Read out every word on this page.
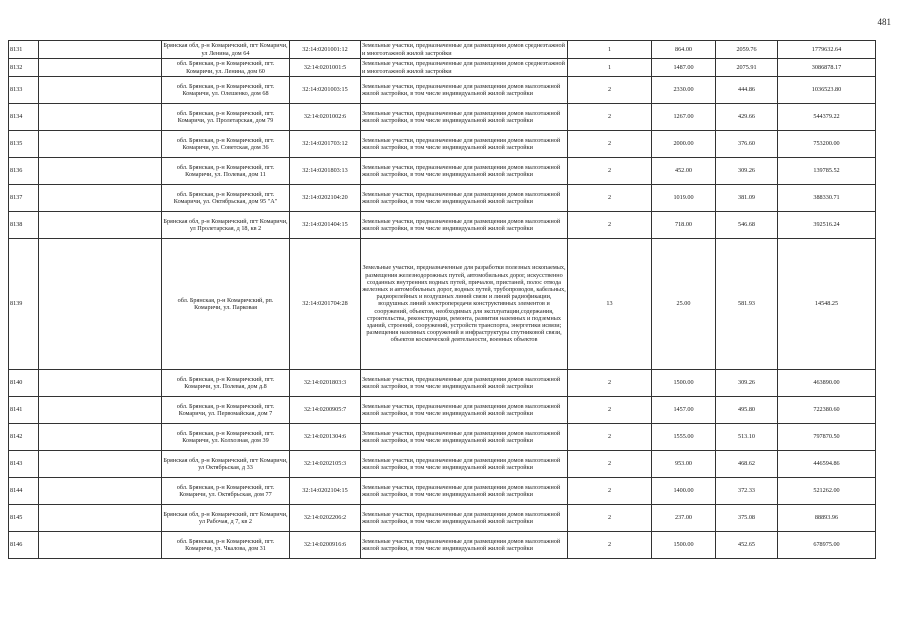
481
8131		Брянская обл, р-н Комаричский, пгт Комаричи, ул Ленина, дом 64	32:14:0201001:12	Земельные участки, предназначенные для размещения домов среднеэтажной и многоэтажной жилой застройки	1	864.00	2059.76	1779632.64
8132		обл. Брянская, р-н Комаричский, пгт. Комаричи, ул. Ленина, дом 60	32:14:0201001:5	Земельные участки, предназначенные для размещения домов среднеэтажной и многоэтажной жилой застройки	1	1487.00	2075.91	3086878.17
8133		обл. Брянская, р-н Комаричский, пгт. Комаричи, ул. Олешенко, дом 68	32:14:0201003:15	Земельные участки, предназначенные для размещения домов малоэтажной жилой застройки, в том числе индивидуальной жилой застройки	2	2330.00	444.86	1036523.80
8134		обл. Брянская, р-н Комаричский, пгт. Комаричи, ул. Пролетарская, дом 79	32:14:0201002:6	Земельные участки, предназначенные для размещения домов малоэтажной жилой застройки, в том числе индивидуальной жилой застройки	2	1267.00	429.66	544379.22
8135		обл. Брянская, р-н Комаричский, пгт. Комаричи, ул. Советская, дом 36	32:14:0201703:12	Земельные участки, предназначенные для размещения домов малоэтажной жилой застройки, в том числе индивидуальной жилой застройки	2	2000.00	376.60	753200.00
8136		обл. Брянская, р-н Комаричский, пгт. Комаричи, ул. Полевая, дом 11	32:14:0201803:13	Земельные участки, предназначенные для размещения домов малоэтажной жилой застройки, в том числе индивидуальной жилой застройки	2	452.00	309.26	139785.52
8137		обл. Брянская, р-н Комаричский, пгт. Комаричи, ул. Октябрьская, дом 95 "А"	32:14:0202104:20	Земельные участки, предназначенные для размещения домов малоэтажной жилой застройки, в том числе индивидуальной жилой застройки	2	1019.00	381.09	388330.71
8138		Брянская обл, р-н Комаричский, пгт Комаричи, ул Пролетарская, д 18, кв 2	32:14:0201404:15	Земельные участки, предназначенные для размещения домов малоэтажной жилой застройки, в том числе индивидуальной жилой застройки	2	718.00	546.68	392516.24
8139		обл. Брянская, р-н Комаричский, рп. Комаричи, ул. Парковая	32:14:0201704:28	Земельные участки, предназначенные для разработки полезных ископаемых, размещения железнодорожных путей, автомобильных дорог, искусственно созданных внутренних водных путей, причалов, пристаней, полос отвода железных и автомобильных дорог, водных путей, трубопроводов, кабельных, радиорелейных и воздушных линий связи и линий радиофикации, воздушных линий электропередачи конструктивных элементов и сооружений, объектов, необходимых для эксплуатации,содержания, строительства, реконструкции, ремонта, развития наземных и подземных зданий, строений, сооружений, устройств транспорта, энергетики исвязи; размещения наземных сооружений и инфраструктуры спутниковой связи, объектов космической деятельности, военных объектов	13	25.00	581.93	14548.25
8140		обл. Брянская, р-н Комаричский, пгт. Комаричи, ул. Полевая, дом д.8	32:14:0201803:3	Земельные участки, предназначенные для размещения домов малоэтажной жилой застройки, в том числе индивидуальной жилой застройки	2	1500.00	309.26	463890.00
8141		обл. Брянская, р-н Комаричский, пгт. Комаричи, ул. Первомайская, дом 7	32:14:0200905:7	Земельные участки, предназначенные для размещения домов малоэтажной жилой застройки, в том числе индивидуальной жилой застройки	2	1457.00	495.80	722380.60
8142		обл. Брянская, р-н Комаричский, пгт. Комаричи, ул. Колхозная, дом 39	32:14:0201304:6	Земельные участки, предназначенные для размещения домов малоэтажной жилой застройки, в том числе индивидуальной жилой застройки	2	1555.00	513.10	797870.50
8143		Брянская обл, р-н Комаричский, пгт Комаричи, ул Октябрьская, д 33	32:14:0202105:3	Земельные участки, предназначенные для размещения домов малоэтажной жилой застройки, в том числе индивидуальной жилой застройки	2	953.00	468.62	446594.86
8144		обл. Брянская, р-н Комаричский, пгт. Комаричи, ул. Октябрьская, дом 77	32:14:0202104:15	Земельные участки, предназначенные для размещения домов малоэтажной жилой застройки, в том числе индивидуальной жилой застройки	2	1400.00	372.33	521262.00
8145		Брянская обл, р-н Комаричский, пгт Комаричи, ул Рабочая, д 7, кв 2	32:14:0202206:2	Земельные участки, предназначенные для размещения домов малоэтажной жилой застройки, в том числе индивидуальной жилой застройки	2	237.00	375.08	88893.96
8146		обл. Брянская, р-н Комаричский, пгт. Комаричи, ул. Чкалова, дом 31	32:14:0200916:6	Земельные участки, предназначенные для размещения домов малоэтажной жилой застройки, в том числе индивидуальной жилой застройки	2	1500.00	452.65	678975.00
